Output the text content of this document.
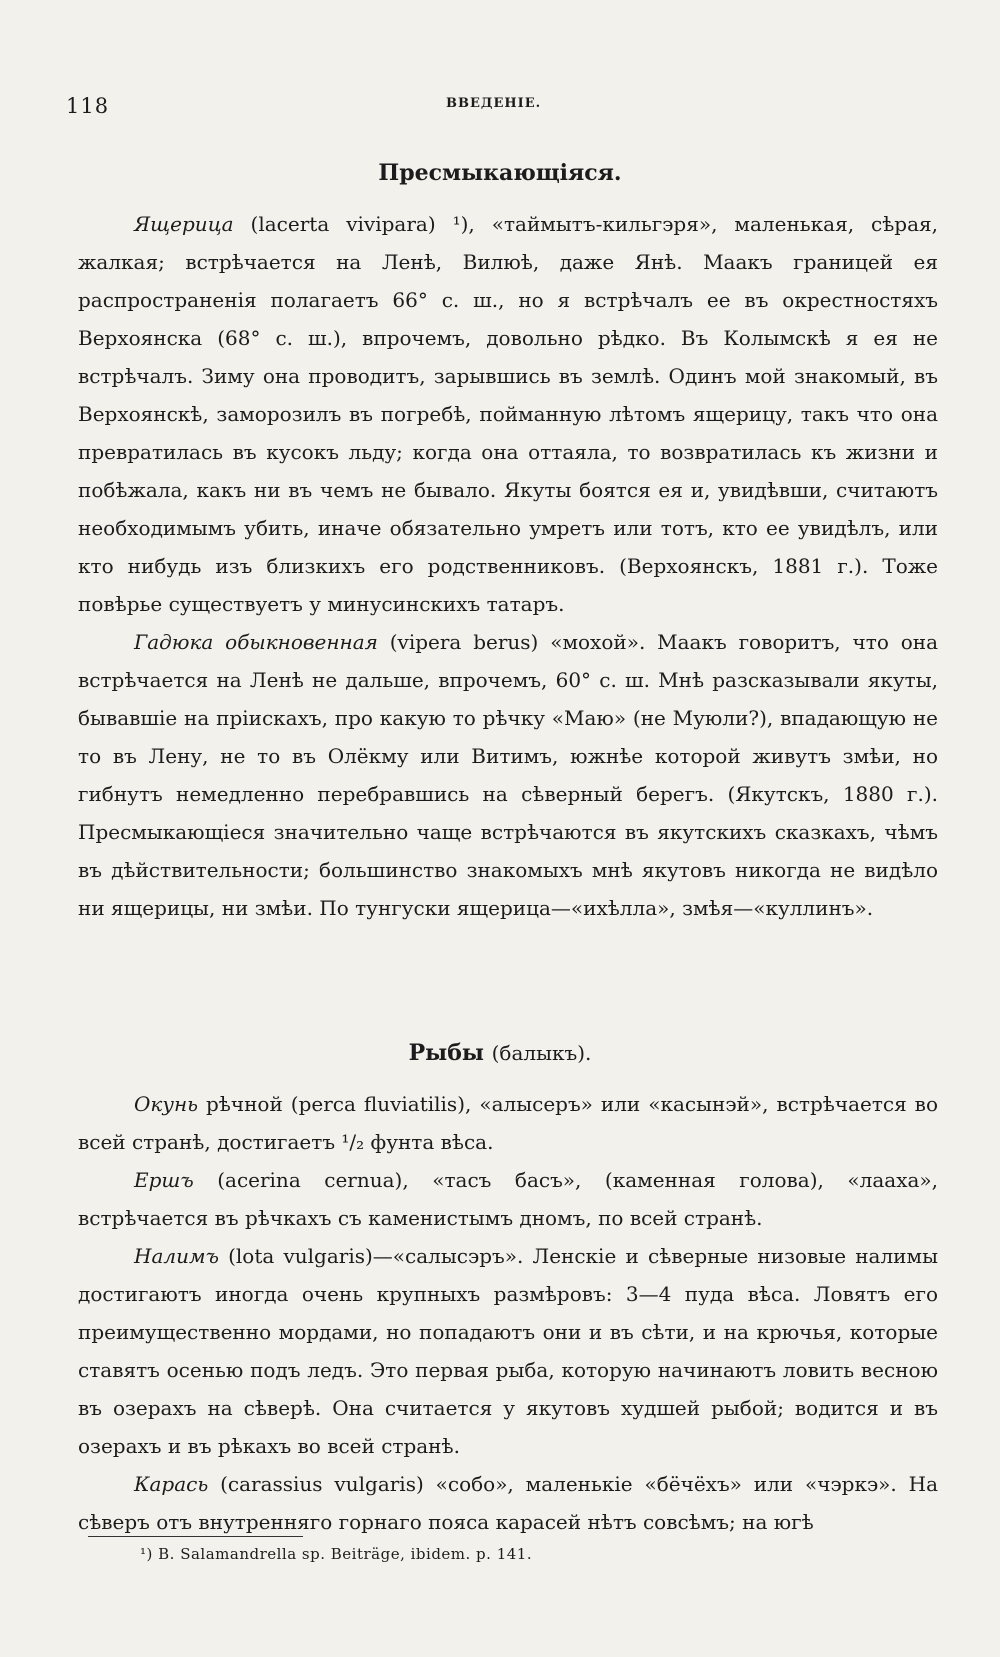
118	ВВЕДЕНІЕ.
Пресмыкающіяся.

Ящерица (lacerta vivipara) ¹), «таймытъ-кильгэря», маленькая, сѣрая, жалкая; встрѣчается на Ленѣ, Вилюѣ, даже Янѣ. Маакъ границей ея распространенія полагаетъ 66° с. ш., но я встрѣчалъ ее въ окрестностяхъ Верхоянска (68° с. ш.), впрочемъ, довольно рѣдко. Въ Колымскѣ я ея не встрѣчалъ. Зиму она проводитъ, зарывшись въ землѣ. Одинъ мой знакомый, въ Верхоянскѣ, заморозилъ въ погребѣ, пойманную лѣтомъ ящерицу, такъ что она превратилась въ кусокъ льду; когда она оттаяла, то возвратилась къ жизни и побѣжала, какъ ни въ чемъ не бывало. Якуты боятся ея и, увидѣвши, считаютъ необходимымъ убить, иначе обязательно умретъ или тотъ, кто ее увидѣлъ, или кто нибудь изъ близкихъ его родственниковъ. (Верхоянскъ, 1881 г.). Тоже повѣрье существуетъ у минусинскихъ татаръ.

Гадюка обыкновенная (vipera berus) «мохой». Маакъ говоритъ, что она встрѣчается на Ленѣ не дальше, впрочемъ, 60° с. ш. Мнѣ разсказывали якуты, бывавшіе на пріискахъ, про какую то рѣчку «Маю» (не Муюли?), впадающую не то въ Лену, не то въ Олёкму или Витимъ, южнѣе которой живутъ змѣи, но гибнутъ немедленно перебравшись на сѣверный берегъ. (Якутскъ, 1880 г.). Пресмыкающіеся значительно чаще встрѣчаются въ якутскихъ сказкахъ, чѣмъ въ дѣйствительности; большинство знакомыхъ мнѣ якутовъ никогда не видѣло ни ящерицы, ни змѣи. По тунгуски ящерица—«ихѣлла», змѣя—«куллинъ».

Рыбы (балыкъ).

Окунь рѣчной (perca fluviatilis), «алысеръ» или «касынэй», встрѣчается во всей странѣ, достигаетъ ¹/₂ фунта вѣса.

Ершъ (acerina cernua), «тасъ басъ», (каменная голова), «лааха», встрѣчается въ рѣчкахъ съ каменистымъ дномъ, по всей странѣ.

Налимъ (lota vulgaris)—«салысэръ». Ленскіе и сѣверные низовые налимы достигаютъ иногда очень крупныхъ размѣровъ: 3—4 пуда вѣса. Ловятъ его преимущественно мордами, но попадаютъ они и въ сѣти, и на крючья, которые ставятъ осенью подъ ледъ. Это первая рыба, которую начинаютъ ловить весною въ озерахъ на сѣверѣ. Она считается у якутовъ худшей рыбой; водится и въ озерахъ и въ рѣкахъ во всей странѣ.

Карась (carassius vulgaris) «собо», маленькіе «бёчёхъ» или «чэркэ». На сѣверъ отъ внутренняго горнаго пояса карасей нѣтъ совсѣмъ; на югѣ

¹) B. Salamandrella sp. Beiträge, ibidem. p. 141.
